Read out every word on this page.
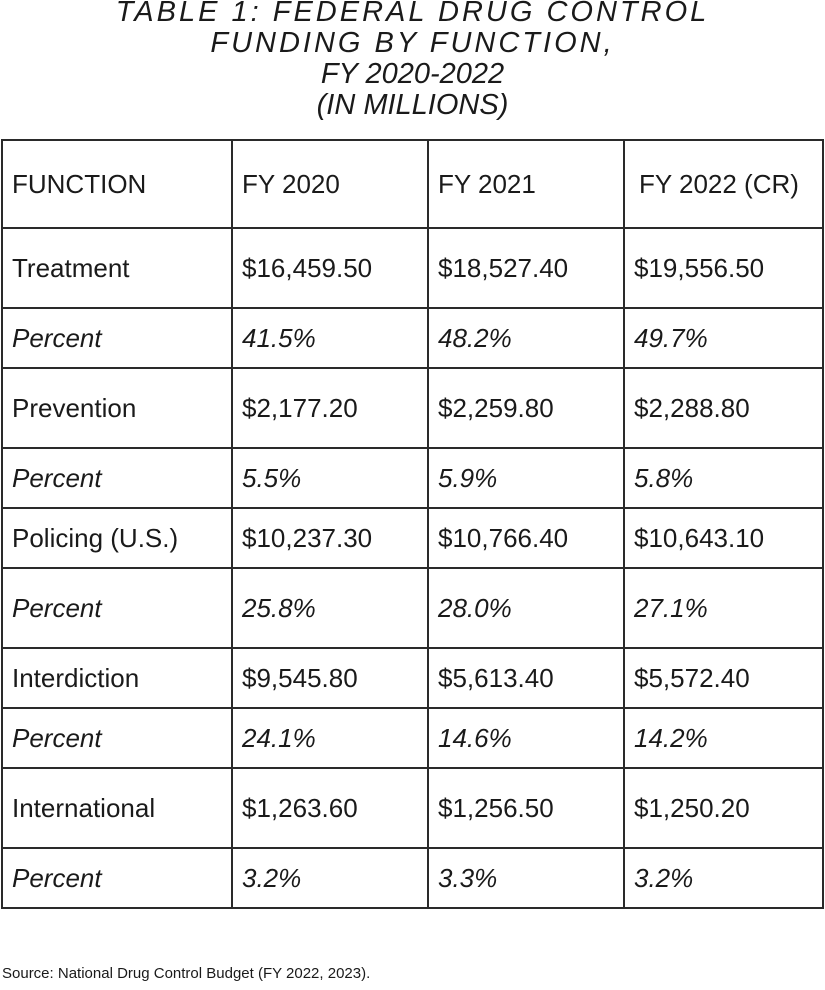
TABLE 1: FEDERAL DRUG CONTROL
FUNDING BY FUNCTION,
FY 2020-2022
(IN MILLIONS)
FUNCTION	FY 2020	FY 2021	FY 2022 (CR)
Treatment	$16,459.50	$18,527.40	$19,556.50
Percent	41.5%	48.2%	49.7%
Prevention	$2,177.20	$2,259.80	$2,288.80
Percent	5.5%	5.9%	5.8%
Policing (U.S.)	$10,237.30	$10,766.40	$10,643.10
Percent	25.8%	28.0%	27.1%
Interdiction	$9,545.80	$5,613.40	$5,572.40
Percent	24.1%	14.6%	14.2%
International	$1,263.60	$1,256.50	$1,250.20
Percent	3.2%	3.3%	3.2%
Source: National Drug Control Budget (FY 2022, 2023).
